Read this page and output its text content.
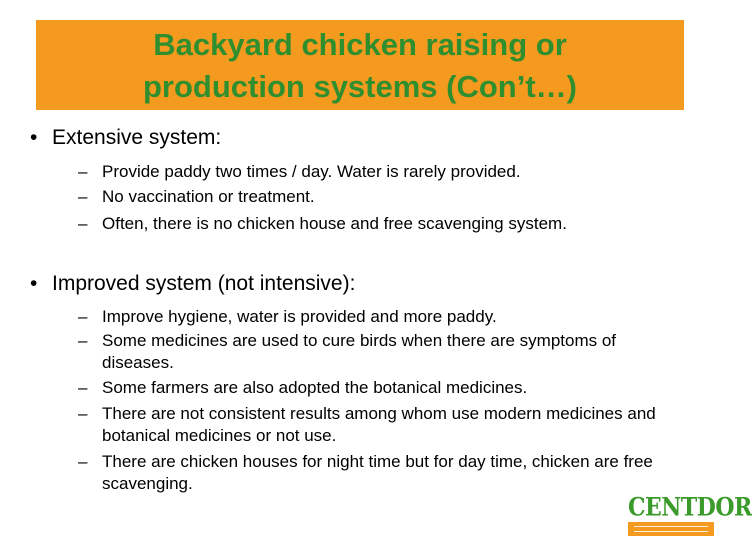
Backyard chicken raising or
production systems (Con’t…)
• Extensive system:
– Provide paddy two times / day. Water is rarely provided.
– No vaccination or treatment.
– Often, there is no chicken house and free scavenging system.
• Improved system (not intensive):
– Improve hygiene, water is provided and more paddy.
– Some medicines are used to cure birds when there are symptoms of diseases.
– Some farmers are also adopted the botanical medicines.
– There are not consistent results among whom use modern medicines and botanical medicines or not use.
– There are chicken houses for night time but for day time, chicken are free scavenging.
CENTDOR
